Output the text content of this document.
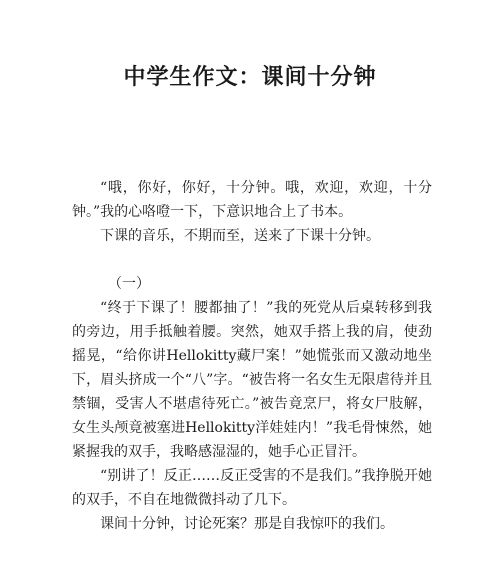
中学生作文：课间十分钟

“哦，你好，你好，十分钟。哦，欢迎，欢迎，十分钟。”我的心咯噔一下，下意识地合上了书本。

下课的音乐，不期而至，送来了下课十分钟。

（一）

“终于下课了！腰都抽了！”我的死党从后桌转移到我的旁边，用手抵触着腰。突然，她双手搭上我的肩，使劲摇晃，“给你讲Hellokitty藏尸案！”她慌张而又激动地坐下，眉头挤成一个“八”字。“被告将一名女生无限虐待并且禁锢，受害人不堪虐待死亡。”被告竟烹尸，将女尸肢解，女生头颅竟被塞进Hellokitty洋娃娃内！”我毛骨悚然，她紧握我的双手，我略感湿湿的，她手心正冒汗。

“别讲了！反正……反正受害的不是我们。”我挣脱开她的双手，不自在地微微抖动了几下。

课间十分钟，讨论死案？那是自我惊吓的我们。
